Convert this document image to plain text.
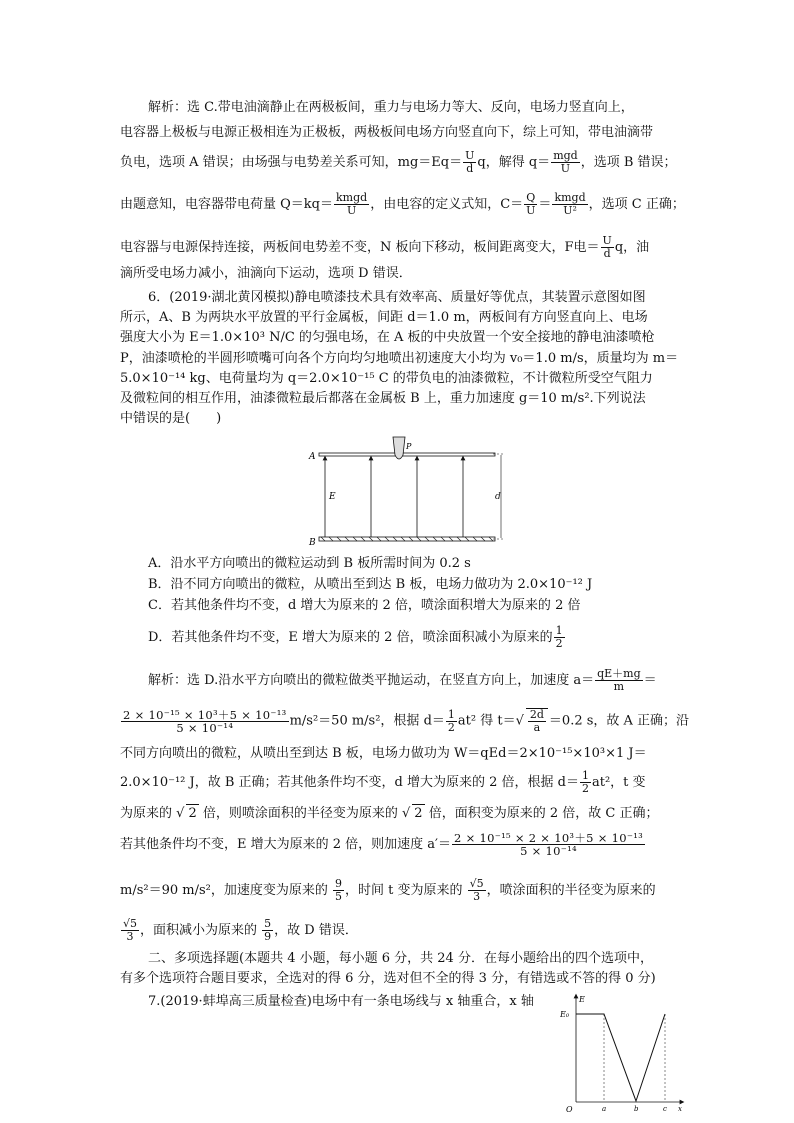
解析：选 C.带电油滴静止在两极板间，重力与电场力等大、反向，电场力竖直向上，
电容器上极板与电源正极相连为正极板，两极板间电场方向竖直向下，综上可知，带电油滴带
负电，选项 A 错误；由场强与电势差关系可知，$mg=Eq= \frac{U}{d}$ q，解得 $q= \frac{\text{mgd}}{U}$ ，选项 B 错误；
由题意知，电容器带电荷量 $Q=kq= \frac{\text{kmgd}}{U}$ ，由电容的定义式知，$C= \frac{Q}{U} = \frac{\text{kmgd}}{\text{U²}}$ ，选项 C 正确；
电容器与电源保持连接，两板间电势差不变，N 板向下移动，板间距离变大，F电＝ $\frac{U}{d}$ q，油
滴所受电场力减小，油滴向下运动，选项 D 错误．
6．(2019·湖北黄冈模拟)静电喷漆技术具有效率高、质量好等优点，其装置示意图如图
所示，A、B 为两块水平放置的平行金属板，间距 d＝1.0 m，两板间有方向竖直向上、电场
强度大小为 E＝1.0×10³ N/C 的匀强电场，在 A 板的中央放置一个安全接地的静电油漆喷枪
P，油漆喷枪的半圆形喷嘴可向各个方向均匀地喷出初速度大小均为 v₀＝1.0 m/s，质量均为 m＝
5.0×10⁻¹⁴ kg、电荷量均为 q＝2.0×10⁻¹⁵ C 的带负电的油漆微粒，不计微粒所受空气阻力
及微粒间的相互作用，油漆微粒最后都落在金属板 B 上，重力加速度 g＝10 m/s².下列说法
中错误的是(　　)
A
P
B
E	d
A．沿水平方向喷出的微粒运动到 B 板所需时间为 0.2 s
B．沿不同方向喷出的微粒，从喷出至到达 B 板，电场力做功为 2.0×10⁻¹² J
C．若其他条件均不变，d 增大为原来的 2 倍，喷涂面积增大为原来的 2 倍
D．若其他条件均不变，E 增大为原来的 2 倍，喷涂面积减小为原来的 $\frac{1}{2}$
解析：选 D.沿水平方向喷出的微粒做类平抛运动，在竖直方向上，加速度 $a= \frac{qE+mg}{m}$ ＝
$\frac{\text{2 × 10⁻¹⁵ × 10³＋5 × 10⁻¹³}}{\text{5 × 10⁻¹⁴}} m/s^2=50$ m/s²，根据 $d= \frac{1}{2} at^2$ 得 $t=√ \frac{2d}{a} =0.2$ s，故 A 正确；沿
不同方向喷出的微粒，从喷出至到达 B 板，电场力做功为 W＝qEd＝2×10⁻¹⁵×10³×1 J＝
2.0×10⁻¹² J，故 B 正确；若其他条件均不变，d 增大为原来的 2 倍，根据 $d= \frac{1}{2} at^2$，t 变
为原来的 √ 2 倍，则喷涂面积的半径变为原来的 √ 2 倍，面积变为原来的 2 倍，故 C 正确；
若其他条件均不变，E 增大为原来的 2 倍，则加速度 $a'= \frac{\text{2 × 10⁻¹⁵ × 2 × 10³＋5 × 10⁻¹³}}{\text{5 × 10⁻¹⁴}}$
m/s²＝90 m/s²，加速度变为原来的 $\frac{9}{5}$ ，时间 t 变为原来的 $\frac{√5}{3}$ ，喷涂面积的半径变为原来的
$\frac{√5}{3}$ ，面积减小为原来的 $\frac{5}{9}$ ，故 D 错误．
二、多项选择题(本题共 4 小题，每小题 6 分，共 24 分．在每小题给出的四个选项中，
有多个选项符合题目要求，全选对的得 6 分，选对但不全的得 3 分，有错选或不答的得 0 分)
7.(2019·蚌埠高三质量检查)电场中有一条电场线与 x 轴重合，x 轴	E
E₀
O	a	b	c x
